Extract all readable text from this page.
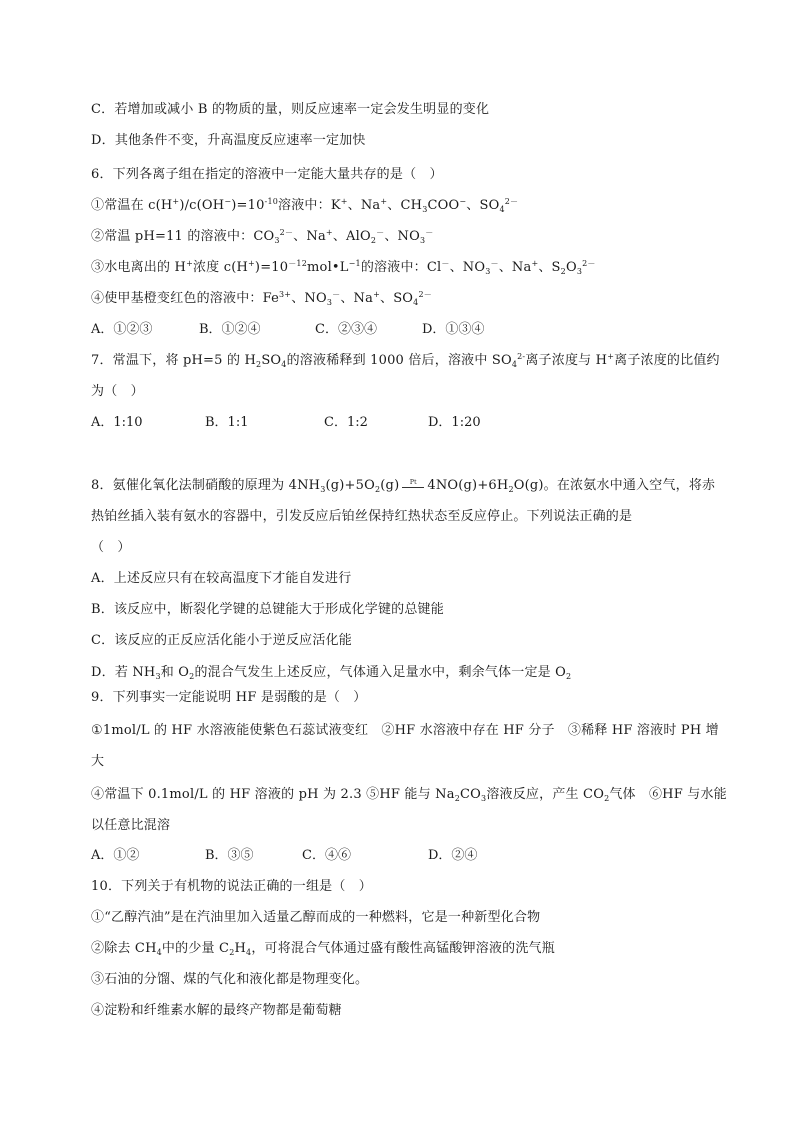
C．若增加或减小 B 的物质的量，则反应速率一定会发生明显的变化
D．其他条件不变，升高温度反应速率一定加快
6．下列各离子组在指定的溶液中一定能大量共存的是（　）
①常温在 $c(H^+)/c(OH^-)=10^{-10}$溶液中：K+、Na+、$CH_3COO^-$、$SO_4^{2-}$
②常温 pH=11 的溶液中：$CO_3^{2-}$、Na+、AlO$_2$－、$NO_3^-$
③水电离出的 H+浓度 $c(H^+)=10^{-12}mol•L^{-1}$的溶液中：Cl－、$NO_3^-$、Na+、$S_2O_3^{2-}$
④使甲基橙变红色的溶液中：$Fe^{3+}$、$NO_3^-$、Na+、$SO_4^{2-}$
A．①②③	B．①②④	C．②③④	D．①③④
7．常温下，将 pH=5 的 $H_2SO_4$的溶液稀释到 1000 倍后，溶液中 $SO_4^{2-}$离子浓度与 H+离子浓度的比值约
为（　）
A．1:10	B．1:1	C．1:2	D．1:20
8．氨催化氧化法制硝酸的原理为 $4NH_3(g)+5O_2(g)$	Pt $4NO(g)+6H_2O(g)$。在浓氨水中通入空气，将赤
热铂丝插入装有氨水的容器中，引发反应后铂丝保持红热状态至反应停止。下列说法正确的是
（　）
A．上述反应只有在较高温度下才能自发进行
B．该反应中，断裂化学键的总键能大于形成化学键的总键能
C．该反应的正反应活化能小于逆反应活化能
D．若 $NH_3$和 $O_2$的混合气发生上述反应，气体通入足量水中，剩余气体一定是 $O_2$
9．下列事实一定能说明 HF 是弱酸的是（　）
①1mol/L 的 HF 水溶液能使紫色石蕊试液变红　②HF 水溶液中存在 HF 分子　③稀释 HF 溶液时 PH 增
大
④常温下 0.1mol/L 的 HF 溶液的 pH 为 2.3 ⑤HF 能与 $Na_2CO_3$溶液反应，产生 $CO_2$气体　⑥HF 与水能
以任意比混溶
A．①②	B．③⑤	C．④⑥	D．②④
10．下列关于有机物的说法正确的一组是（　）
①“乙醇汽油”是在汽油里加入适量乙醇而成的一种燃料，它是一种新型化合物
②除去 $CH_4$中的少量 $C_2H_4$，可将混合气体通过盛有酸性高锰酸钾溶液的洗气瓶
③石油的分馏、煤的气化和液化都是物理变化。
④淀粉和纤维素水解的最终产物都是葡萄糖
